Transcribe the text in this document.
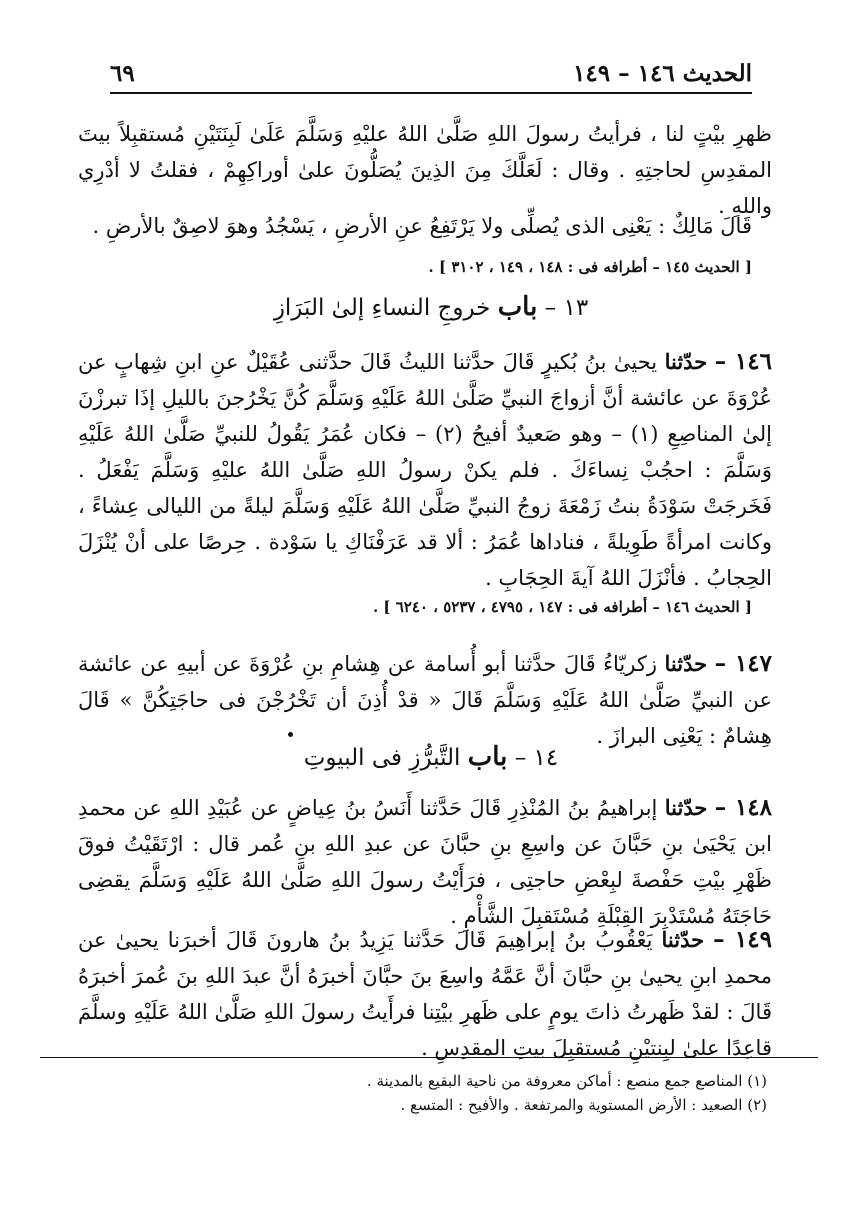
الحديث ١٤٦ – ١٤٩
٦٩
ظهرِ بيْتٍ لنا ، فرأيتُ رسولَ اللهِ صَلَّىٰ اللهُ عليْهِ وَسَلَّمَ عَلَىٰ لَبِنَتَيْنِ مُستقبِلاً بيتَ المقدِسِ لحاجتِهِ . وقال : لَعَلَّكَ مِنَ الذِينَ يُصَلُّونَ علىٰ أوراكِهِمْ ، فقلتُ لا أدْرِي واللهِ .
قَالَ مَالِكٌ : يَعْنِى الذى يُصلِّى ولا يَرْتَفِعُ عنِ الأرضِ ، يَسْجُدُ وهوَ لاصِقٌ بالأرضِ .
[ الحديث ١٤٥ – أطرافه فى : ١٤٨ ، ١٤٩ ، ٣١٠٢ ] .
١٣ – باب خروجِ النساءِ إلىٰ البَرَازِ
١٤٦ – حدّثنا يحيىٰ بنُ بُكيرٍ قَالَ حدَّثنا الليثُ قَالَ حدَّثنى عُقَيْلٌ عنِ ابنِ شِهابٍ عن عُرْوَةَ عن عائشة أنَّ أزواجَ النبيِّ صَلَّىٰ اللهُ عَلَيْهِ وَسَلَّمَ كُنَّ يَخْرُجنَ بالليلِ إذَا تبرزْنَ إلىٰ المناصِعِ (١) – وهو صَعيدٌ أفيحُ (٢) – فكان عُمَرُ يَقُولُ للنبيِّ صَلَّىٰ اللهُ عَلَيْهِ وَسَلَّمَ : احجُبْ نِساءَكَ . فلم يكنْ رسولُ اللهِ صَلَّىٰ اللهُ عليْهِ وَسَلَّمَ يَفْعَلُ . فَخَرجَتْ سَوْدَةُ بنتُ زَمْعَةَ زوجُ النبيِّ صَلَّىٰ اللهُ عَلَيْهِ وَسَلَّمَ ليلةً من الليالى عِشاءً ، وكانت امرأةً طَوِيلةً ، فناداها عُمَرُ : ألا قد عَرَفْنَاكِ يا سَوْدة . حِرصًا على أنْ يُنْزَلَ الحِجابُ . فأنْزَلَ اللهُ آيةَ الحِجَابِ .
[ الحديث ١٤٦ – أطرافه فى : ١٤٧ ، ٤٧٩٥ ، ٥٢٣٧ ، ٦٢٤٠ ] .
١٤٧ – حدّثنا زكريّاءُ قَالَ حدَّثنا أبو أُسامة عن هِشامِ بنِ عُرْوَةَ عن أبيهِ عن عائشة عن النبيِّ صَلَّىٰ اللهُ عَلَيْهِ وَسَلَّمَ قَالَ « قدْ أُذِنَ أن تَخْرُجْنَ فى حاجَتِكُنَّ » قَالَ هِشامٌ : يَعْنِى البرازَ .
١٤ – باب التَّبرُّزِ فى البيوتِ
١٤٨ – حدّثنا إبراهيمُ بنُ المُنْذِرِ قَالَ حَدَّثنا أَنَسُ بنُ عِياضٍ عن عُبَيْدِ اللهِ عن محمدِ ابن يَحْيَىٰ بنِ حَبَّانَ عن واسِعِ بنِ حبَّانَ عن عبدِ اللهِ بنِ عُمر قال : ارْتَقَيْتُ فوقَ ظَهْرِ بيْتِ حَفْصةَ لبِعْضِ حاجتِى ، فرَأَيْتُ رسولَ اللهِ صَلَّىٰ اللهُ عَلَيْهِ وَسَلَّمَ يقضِى حَاجَتَهُ مُسْتَدْبِرَ القِبْلَةِ مُسْتَقبِلَ الشَّأْمِ .
١٤٩ – حدّثنا يَعْقُوبُ بنُ إبراهِيمَ قَالَ حَدَّثنا يَزِيدُ بنُ هارونَ قَالَ أخبرَنا يحيىٰ عن محمدِ ابنِ يحيىٰ بنِ حبَّانَ أنَّ عَمَّهُ واسِعَ بنَ حبَّانَ أخبرَهُ أنَّ عبدَ اللهِ بنَ عُمرَ أخبرَهُ قَالَ : لقدْ ظَهرتُ ذاتَ يومٍ على ظَهرِ بيْتِنا فرأَيتُ رسولَ اللهِ صَلَّىٰ اللهُ عَلَيْهِ وسلَّمَ قاعِدًا علىٰ لبِنتيْنِ مُستقبِلَ بيتِ المقدِسِ .
(١) المناصع جمع منصع : أماكن معروفة من ناحية البقيع بالمدينة .
(٢) الصعيد : الأرض المستوية والمرتفعة . والأفيح : المتسع .
